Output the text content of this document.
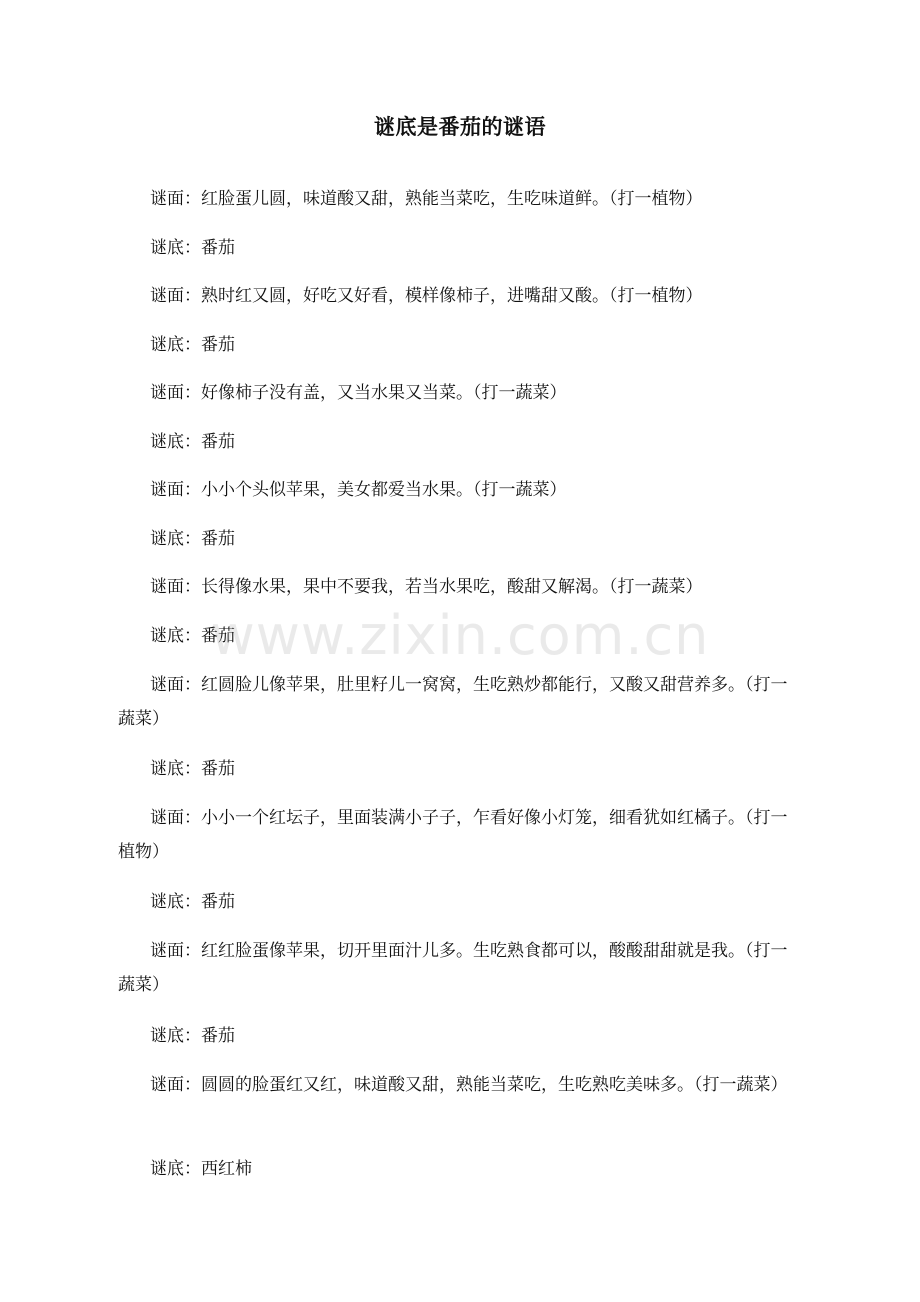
谜底是番茄的谜语
谜面：红脸蛋儿圆，味道酸又甜，熟能当菜吃，生吃味道鲜。（打一植物）
谜底：番茄
谜面：熟时红又圆，好吃又好看，模样像柿子，进嘴甜又酸。（打一植物）
谜底：番茄
谜面：好像柿子没有盖，又当水果又当菜。（打一蔬菜）
谜底：番茄
谜面：小小个头似苹果，美女都爱当水果。（打一蔬菜）
谜底：番茄
谜面：长得像水果，果中不要我，若当水果吃，酸甜又解渴。（打一蔬菜）
谜底：番茄
谜面：红圆脸儿像苹果，肚里籽儿一窝窝，生吃熟炒都能行，又酸又甜营养多。（打一蔬菜）
谜底：番茄
谜面：小小一个红坛子，里面装满小子子，乍看好像小灯笼，细看犹如红橘子。（打一植物）
谜底：番茄
谜面：红红脸蛋像苹果，切开里面汁儿多。生吃熟食都可以，酸酸甜甜就是我。（打一蔬菜）
谜底：番茄
谜面：圆圆的脸蛋红又红，味道酸又甜，熟能当菜吃，生吃熟吃美味多。（打一蔬菜）
谜底：西红柿
www.zixin.com.cn
